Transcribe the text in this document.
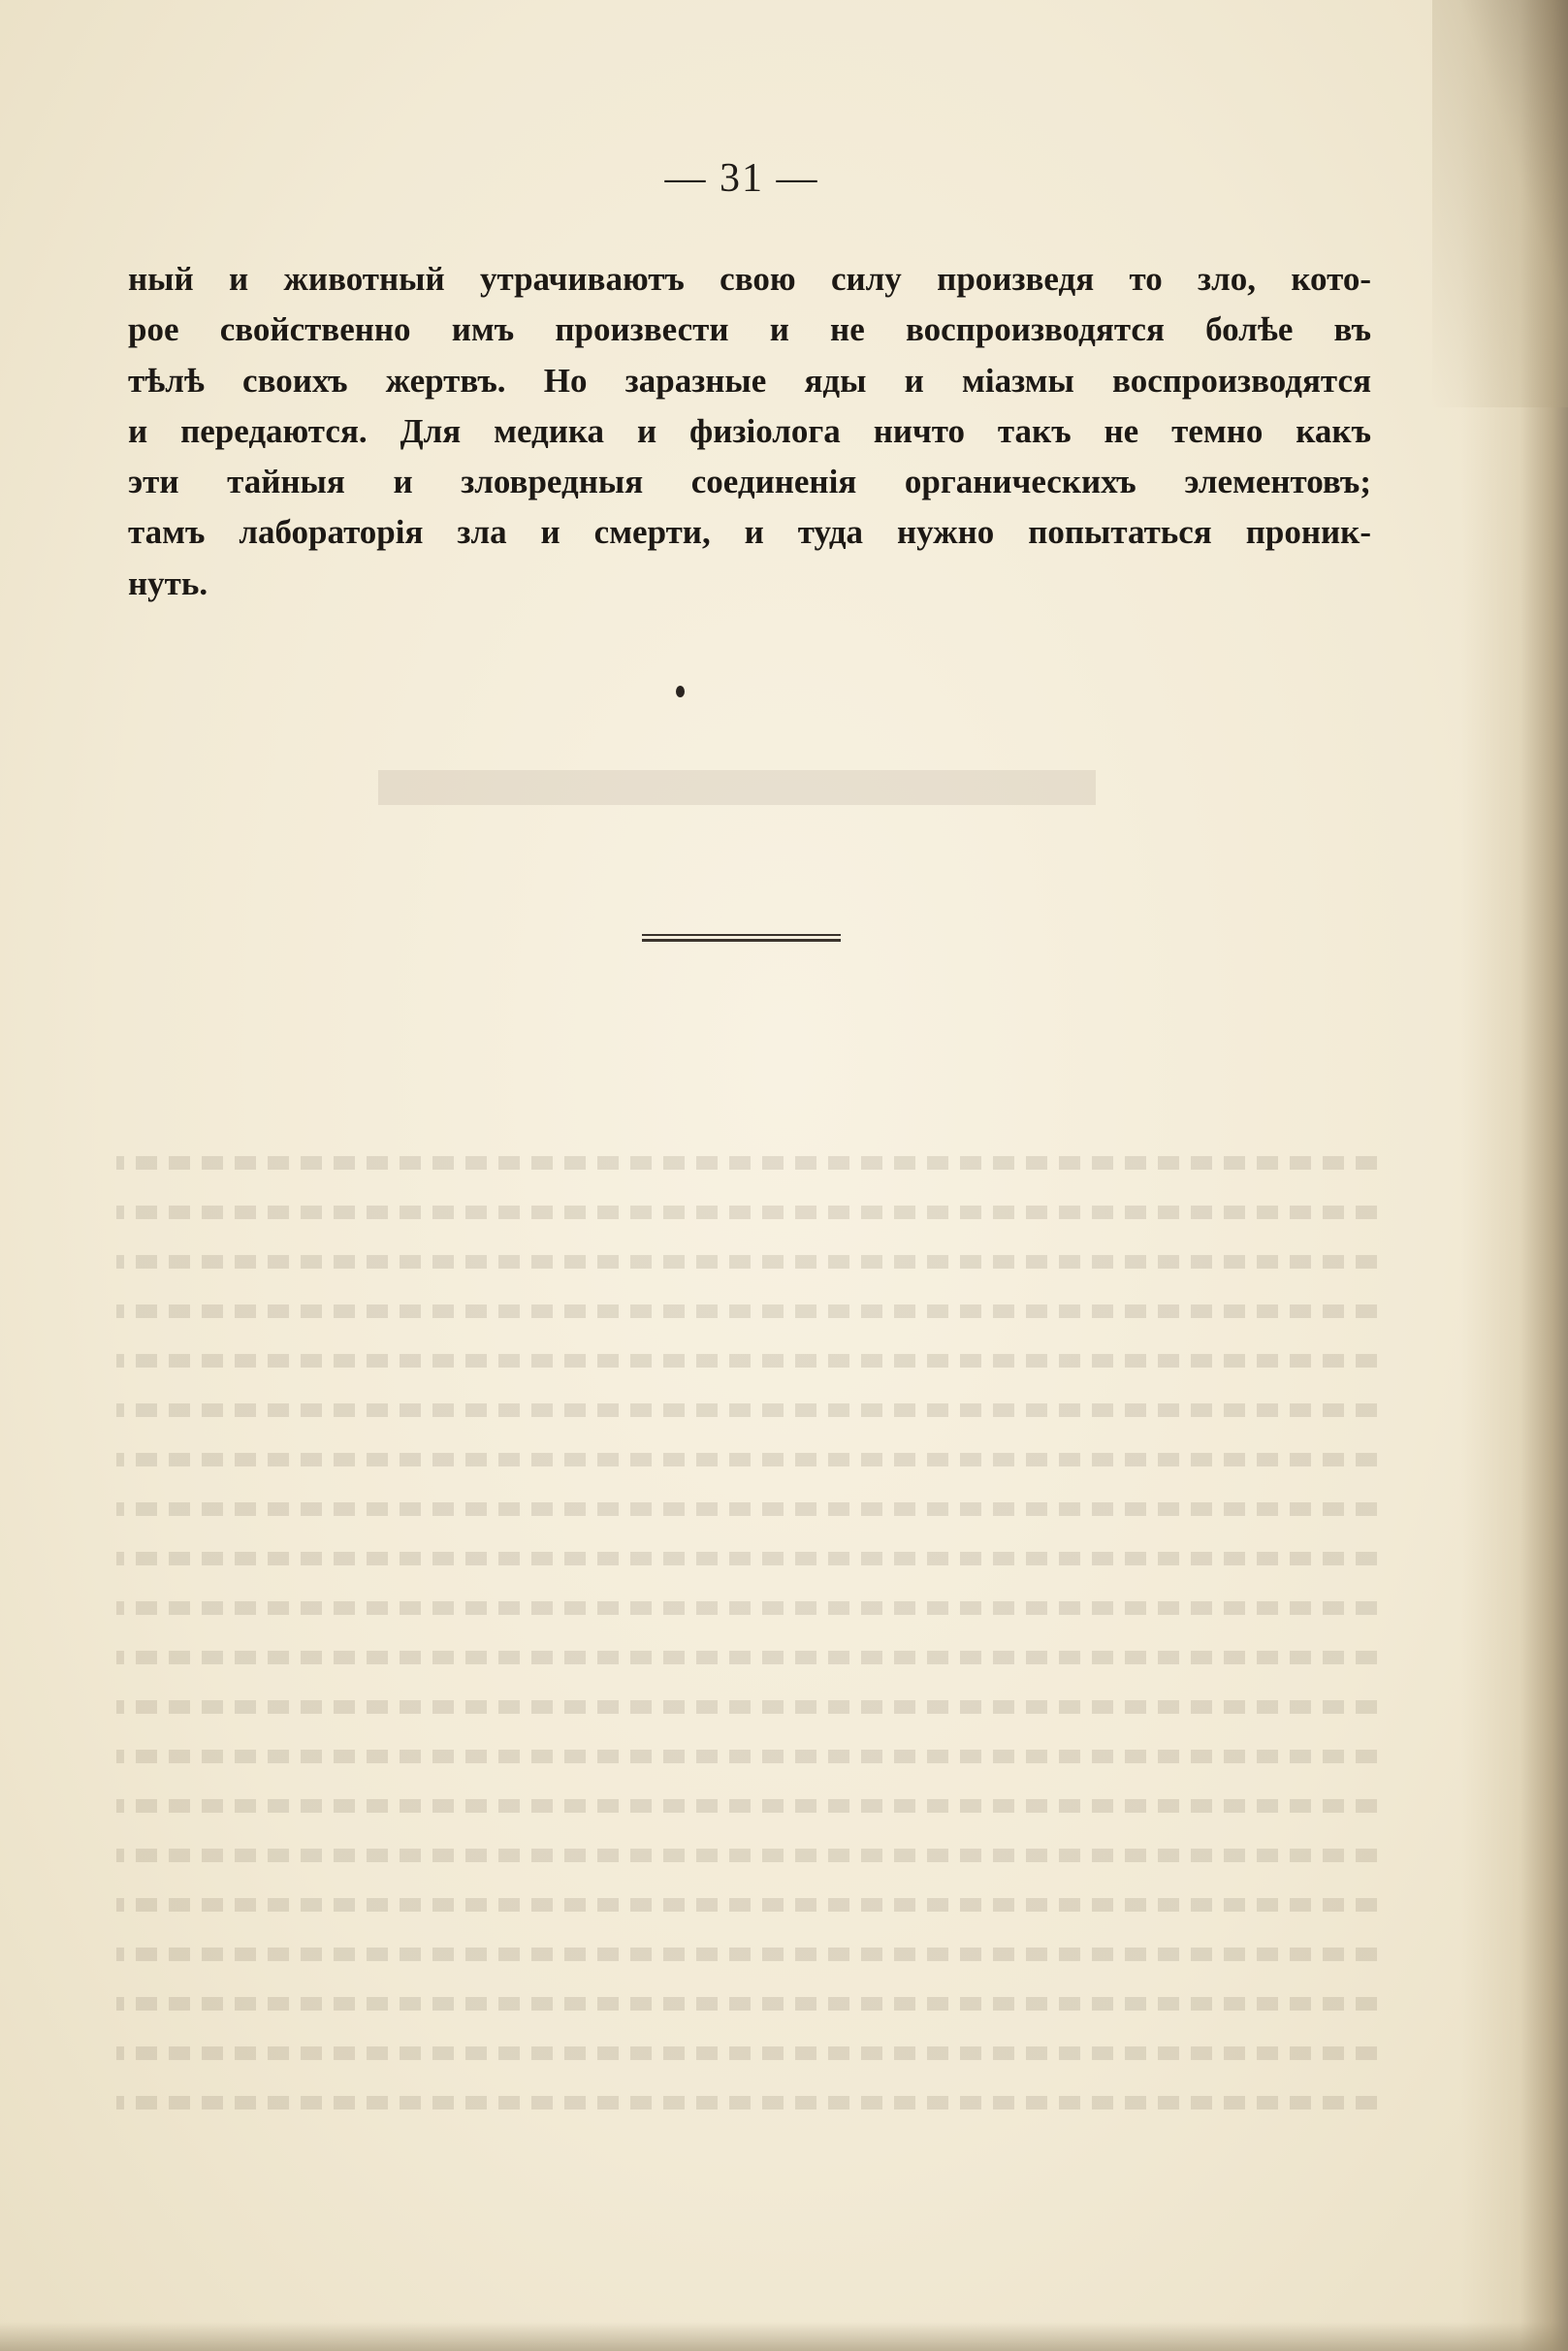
— 31 —
ный и животный утрачиваютъ свою силу произведя то зло, кото-
рое свойственно имъ произвести и не воспроизводятся болѣе въ
тѣлѣ своихъ жертвъ. Но заразные яды и міазмы воспроизводятся
и передаются. Для медика и физіолога ничто такъ не темно какъ
эти тайныя и зловредныя соединенія органическихъ элементовъ;
тамъ лабораторія зла и смерти, и туда нужно попытаться проник-
нуть.
